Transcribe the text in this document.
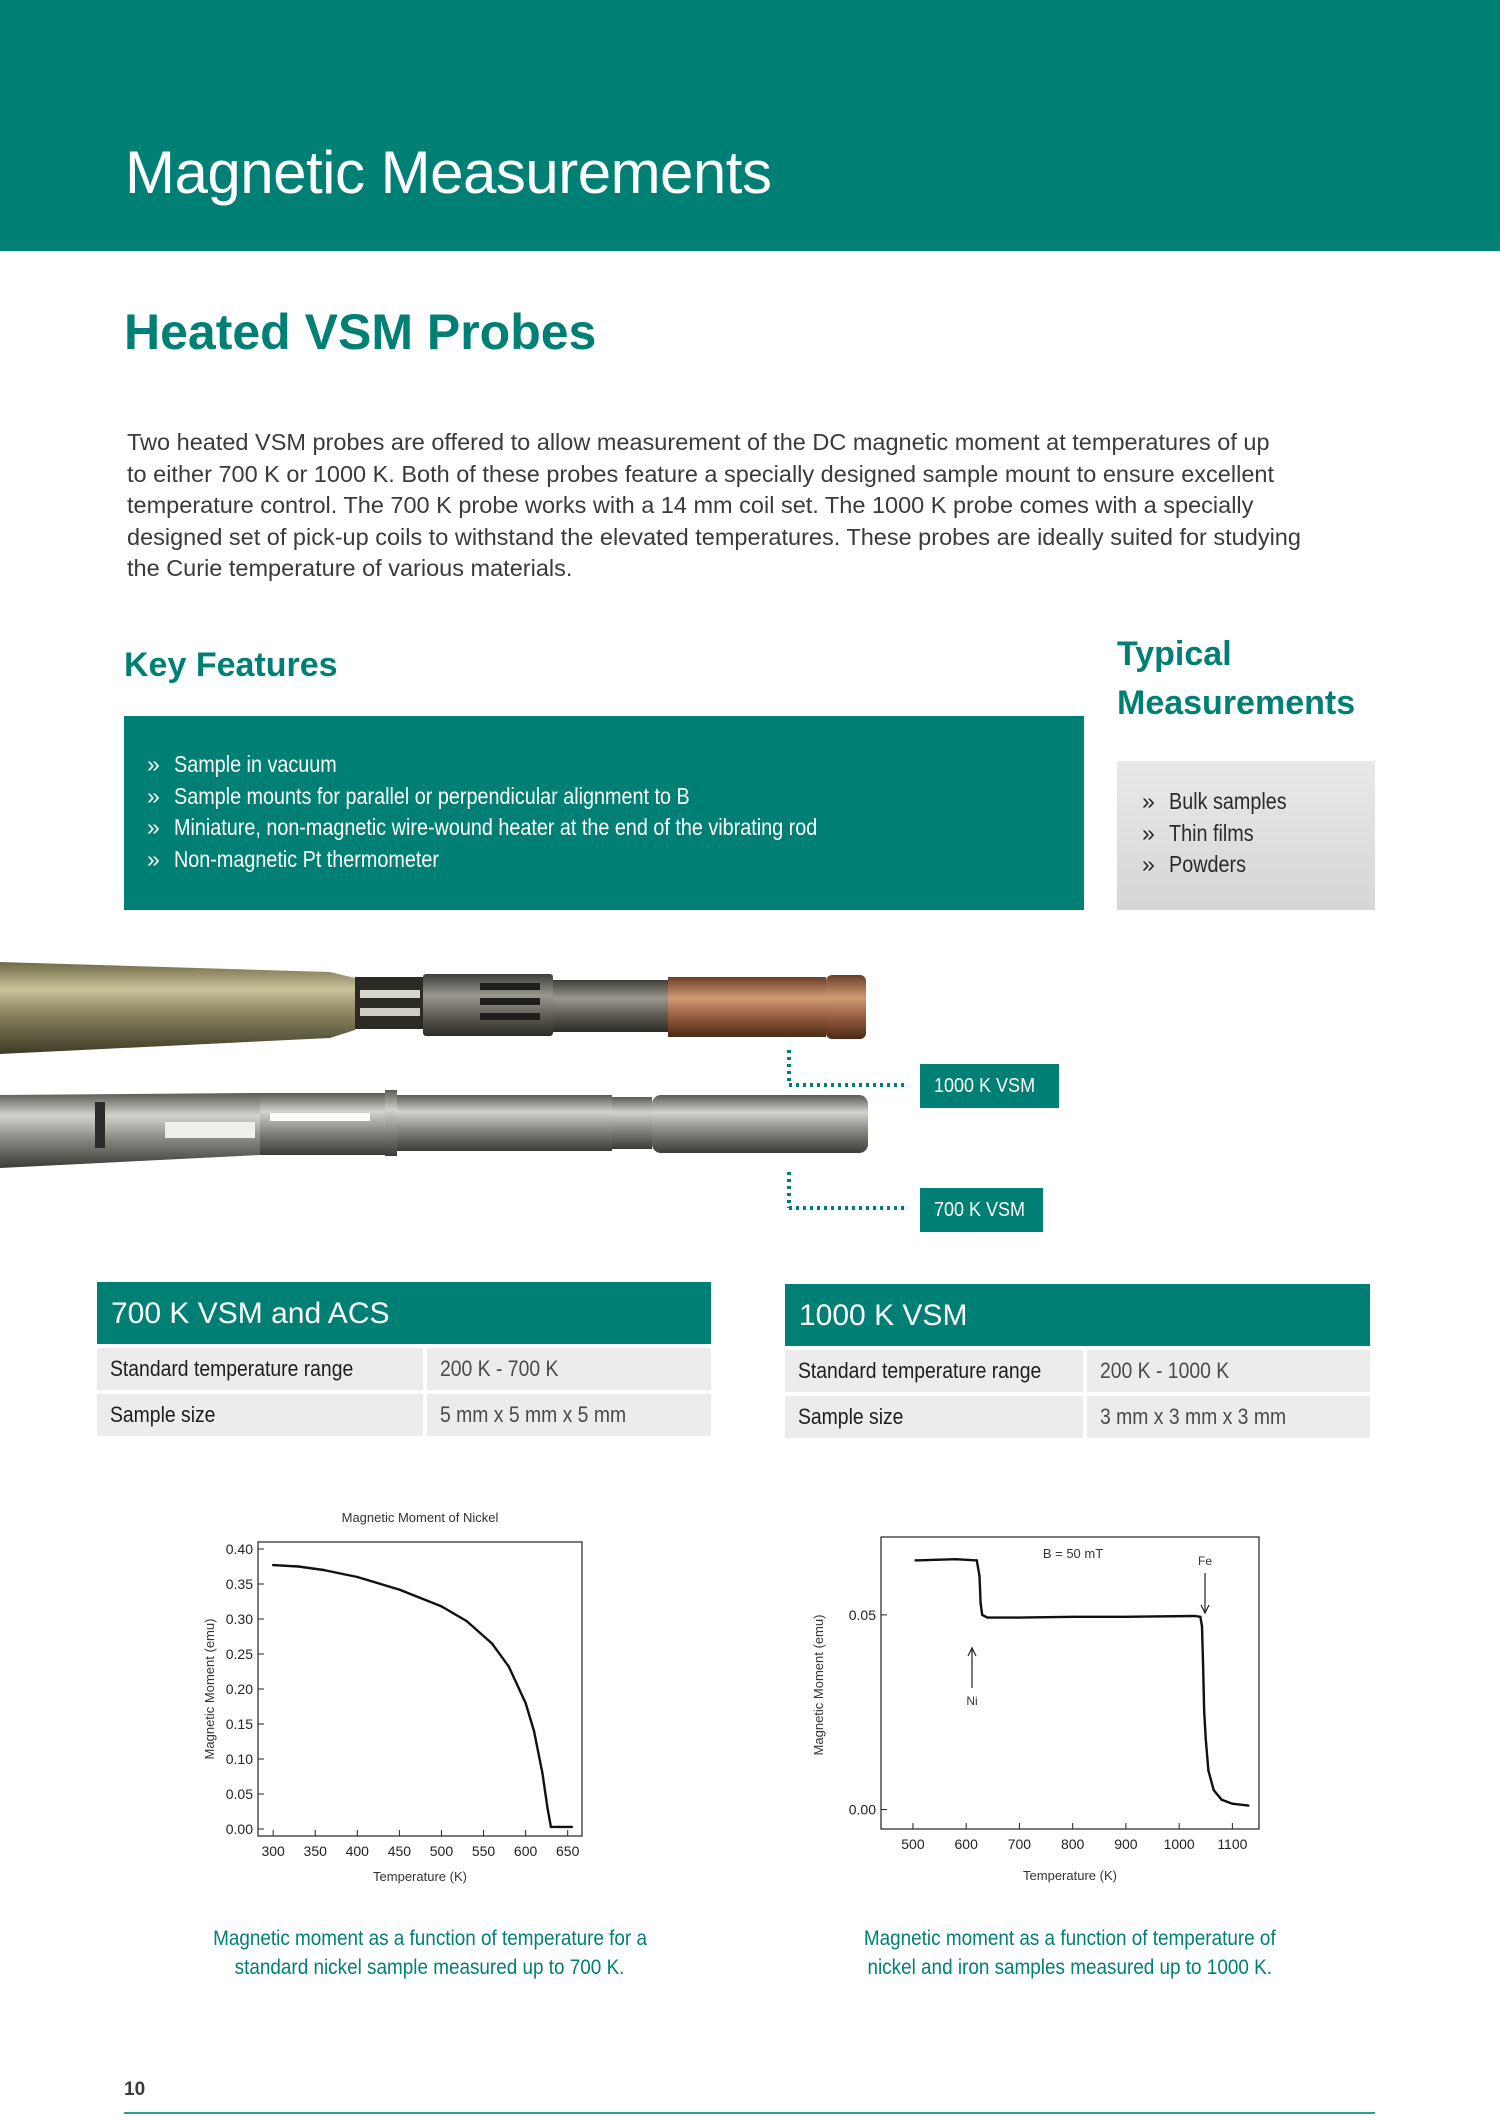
Magnetic Measurements
Heated VSM Probes
Two heated VSM probes are offered to allow measurement of the DC magnetic moment at temperatures of up
to either 700 K or 1000 K. Both of these probes feature a specially designed sample mount to ensure excellent
temperature control. The 700 K probe works with a 14 mm coil set. The 1000 K probe comes with a specially
designed set of pick-up coils to withstand the elevated temperatures. These probes are ideally suited for studying
the Curie temperature of various materials.
Key Features
» Sample in vacuum
» Sample mounts for parallel or perpendicular alignment to B
» Miniature, non-magnetic wire-wound heater at the end of the vibrating rod
» Non-magnetic Pt thermometer
Typical
Measurements
» Bulk samples
» Thin films
» Powders
1000 K VSM
700 K VSM
700 K VSM and ACS
Standard temperature range	200 K - 700 K
Sample size	5 mm x 5 mm x 5 mm
1000 K VSM
Standard temperature range	200 K - 1000 K
Sample size	3 mm x 3 mm x 3 mm
Magnetic Moment of Nickel
300 350 400 450 500 550 600 650
0.00
0.05
0.10
0.15
0.20
0.25
0.30
0.35
0.40
Temperature (K)
Magnetic Moment (emu)
B = 50 mT
500 600 700 800 900 1000 1100
0.00
0.05
Temperature (K)
Magnetic Moment (emu)	Ni
Fe
Magnetic moment as a function of temperature for a
standard nickel sample measured up to 700 K.
Magnetic moment as a function of temperature of
nickel and iron samples measured up to 1000 K.
10
